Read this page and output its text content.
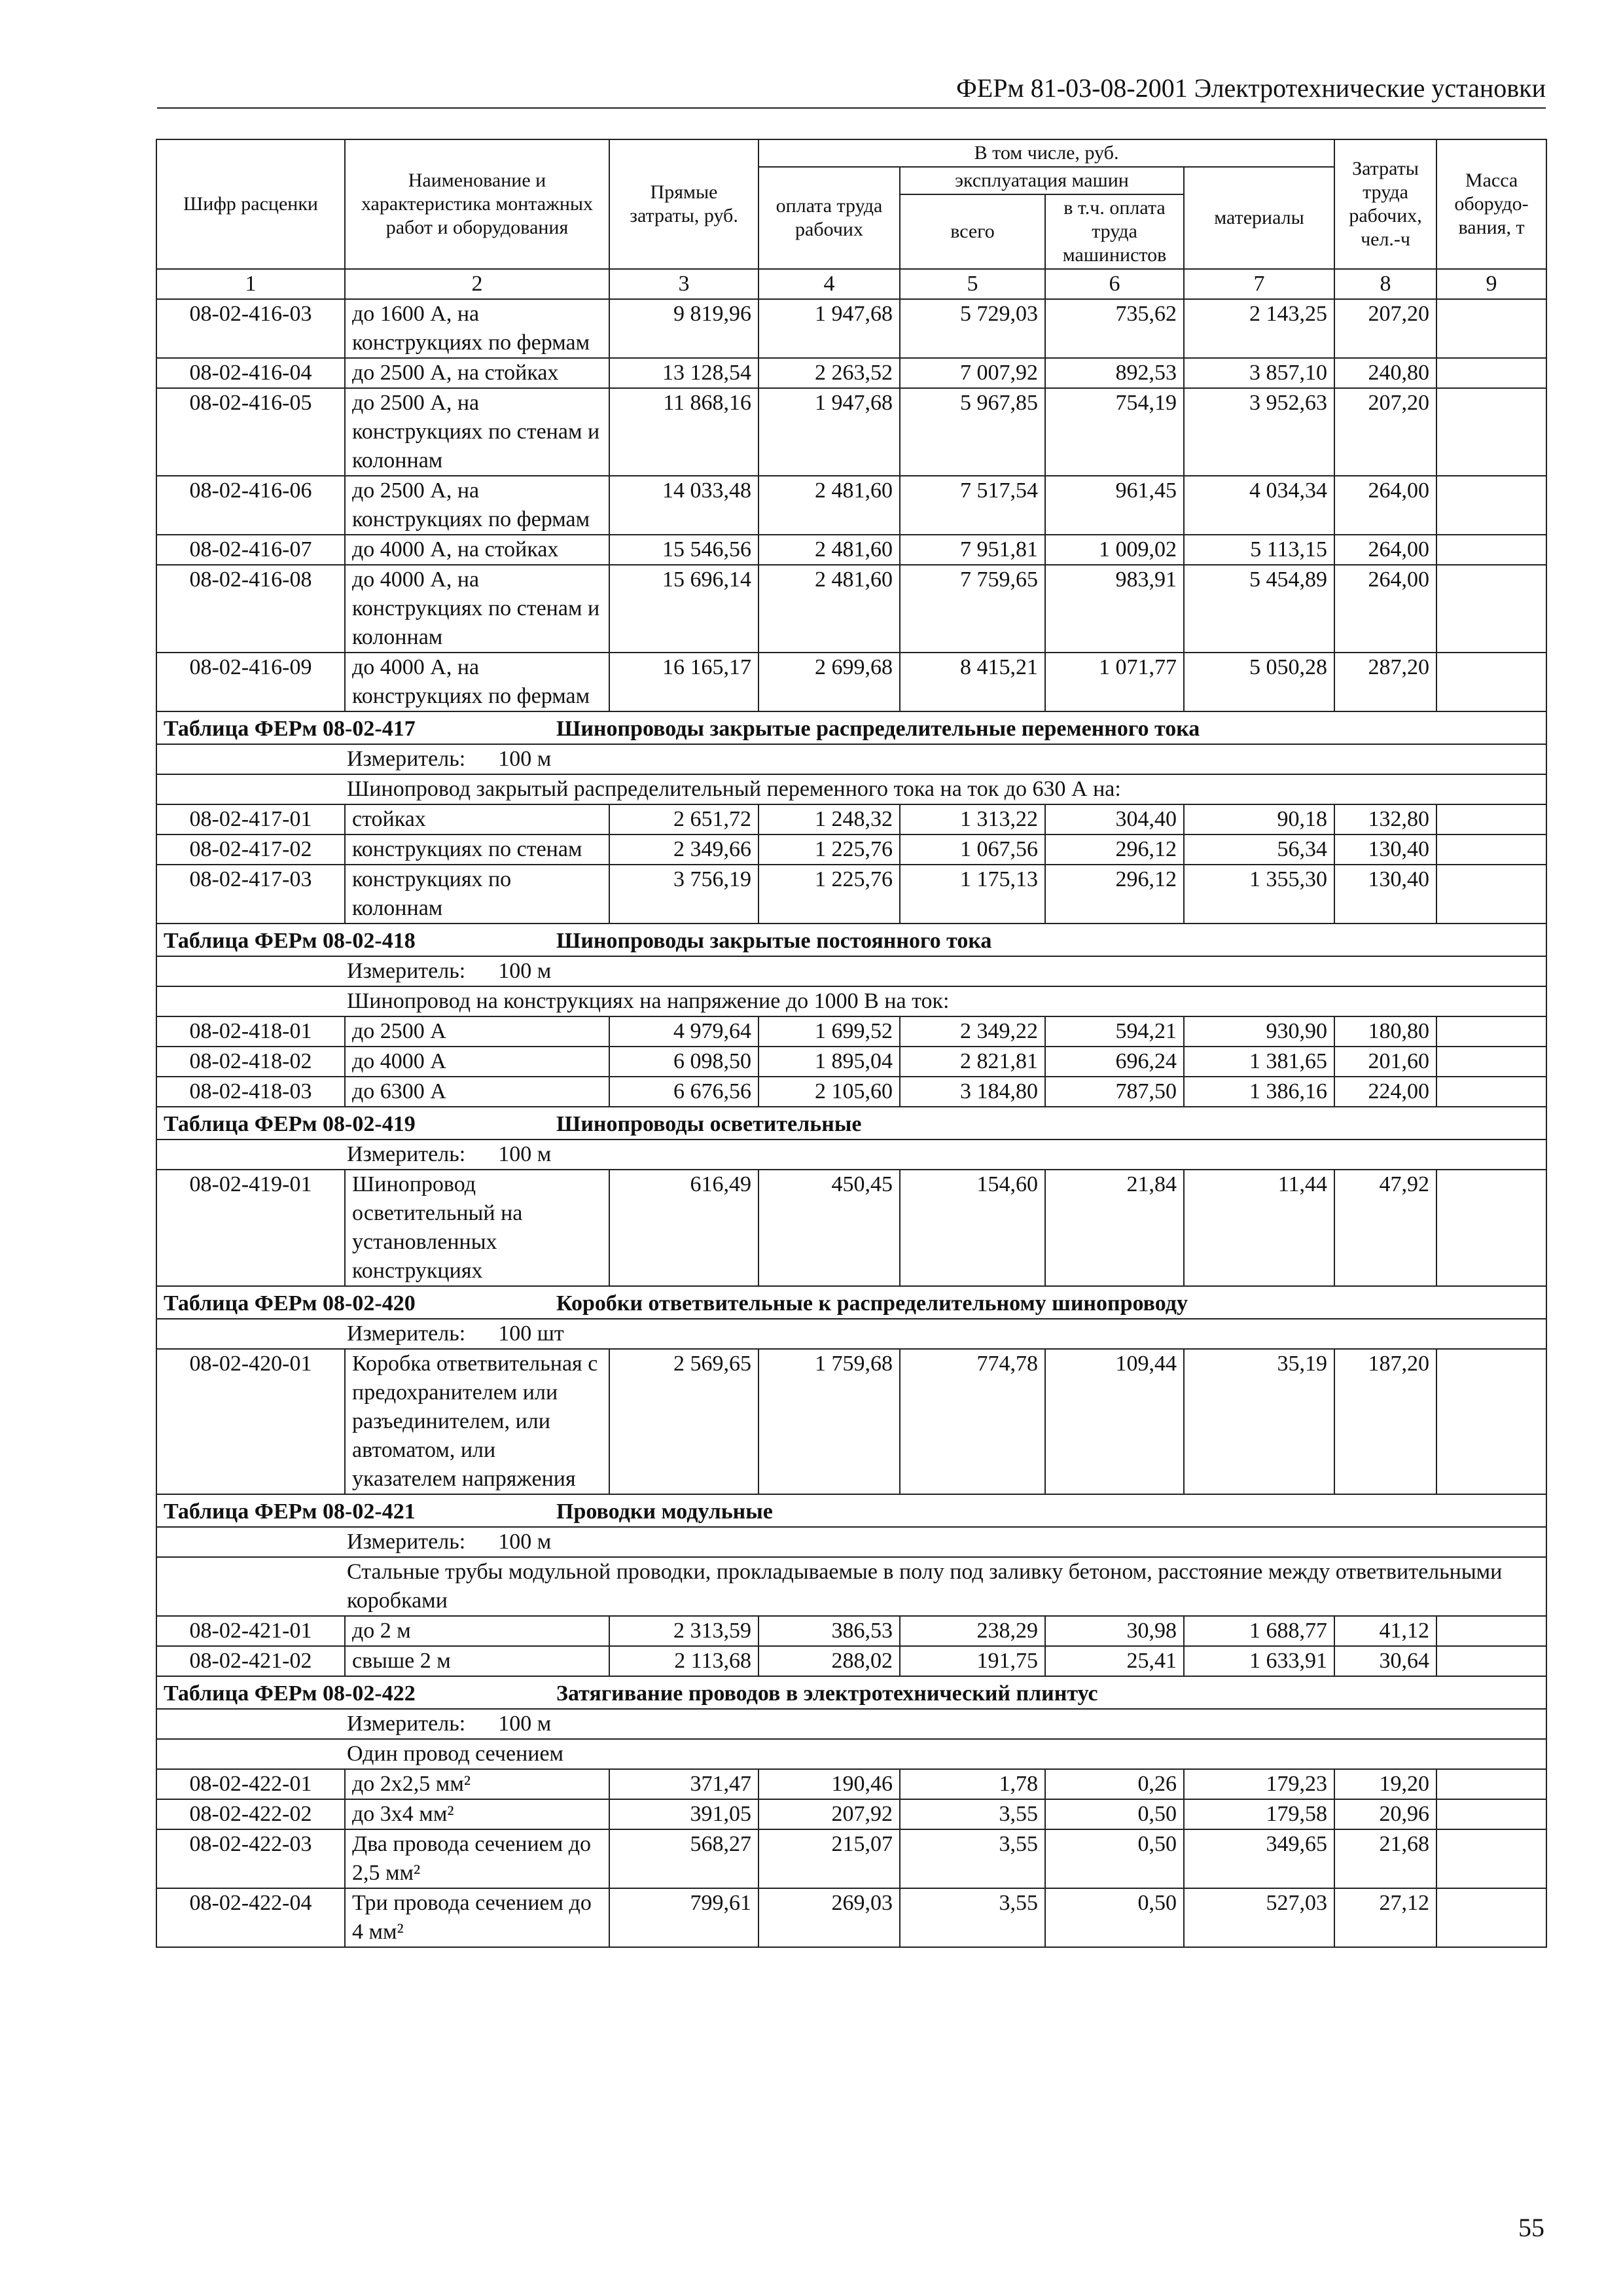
ФЕРм 81-03-08-2001 Электротехнические установки
Шифр расценки	Наименование и характеристика монтажных работ и оборудования	Прямые затраты, руб.	В том числе, руб.				Затраты труда рабочих, чел.-ч	Масса оборудо-вания, т
			оплата труда рабочих	эксплуатация машин		материалы		
				всего	в т.ч. оплата труда машинистов			
1	2	3	4	5	6	7	8	9
08-02-416-03	до 1600 А, на конструкциях по фермам	9 819,96	1 947,68	5 729,03	735,62	2 143,25	207,20	
08-02-416-04	до 2500 А, на стойках	13 128,54	2 263,52	7 007,92	892,53	3 857,10	240,80	
08-02-416-05	до 2500 А, на конструкциях по стенам и колоннам	11 868,16	1 947,68	5 967,85	754,19	3 952,63	207,20	
08-02-416-06	до 2500 А, на конструкциях по фермам	14 033,48	2 481,60	7 517,54	961,45	4 034,34	264,00	
08-02-416-07	до 4000 А, на стойках	15 546,56	2 481,60	7 951,81	1 009,02	5 113,15	264,00	
08-02-416-08	до 4000 А, на конструкциях по стенам и колоннам	15 696,14	2 481,60	7 759,65	983,91	5 454,89	264,00	
08-02-416-09	до 4000 А, на конструкциях по фермам	16 165,17	2 699,68	8 415,21	1 071,77	5 050,28	287,20	
Таблица ФЕРм 08-02-417 Шинопроводы закрытые распределительные переменного тока								
Измеритель: 100 м								
Шинопровод закрытый распределительный переменного тока на ток до 630 А на:								
08-02-417-01	стойках	2 651,72	1 248,32	1 313,22	304,40	90,18	132,80	
08-02-417-02	конструкциях по стенам	2 349,66	1 225,76	1 067,56	296,12	56,34	130,40	
08-02-417-03	конструкциях по колоннам	3 756,19	1 225,76	1 175,13	296,12	1 355,30	130,40	
Таблица ФЕРм 08-02-418 Шинопроводы закрытые постоянного тока								
Измеритель: 100 м								
Шинопровод на конструкциях на напряжение до 1000 В на ток:								
08-02-418-01	до 2500 А	4 979,64	1 699,52	2 349,22	594,21	930,90	180,80	
08-02-418-02	до 4000 А	6 098,50	1 895,04	2 821,81	696,24	1 381,65	201,60	
08-02-418-03	до 6300 А	6 676,56	2 105,60	3 184,80	787,50	1 386,16	224,00	
Таблица ФЕРм 08-02-419 Шинопроводы осветительные								
Измеритель: 100 м								
08-02-419-01	Шинопровод осветительный на установленных конструкциях	616,49	450,45	154,60	21,84	11,44	47,92	
Таблица ФЕРм 08-02-420 Коробки ответвительные к распределительному шинопроводу								
Измеритель: 100 шт								
08-02-420-01	Коробка ответвительная с предохранителем или разъединителем, или автоматом, или указателем напряжения	2 569,65	1 759,68	774,78	109,44	35,19	187,20	
Таблица ФЕРм 08-02-421 Проводки модульные								
Измеритель: 100 м								
Стальные трубы модульной проводки, прокладываемые в полу под заливку бетоном, расстояние между ответвительными коробками								
08-02-421-01	до 2 м	2 313,59	386,53	238,29	30,98	1 688,77	41,12	
08-02-421-02	свыше 2 м	2 113,68	288,02	191,75	25,41	1 633,91	30,64	
Таблица ФЕРм 08-02-422 Затягивание проводов в электротехнический плинтус								
Измеритель: 100 м								
Один провод сечением								
08-02-422-01	до 2х2,5 мм²	371,47	190,46	1,78	0,26	179,23	19,20	
08-02-422-02	до 3х4 мм²	391,05	207,92	3,55	0,50	179,58	20,96	
08-02-422-03	Два провода сечением до 2,5 мм²	568,27	215,07	3,55	0,50	349,65	21,68	
08-02-422-04	Три провода сечением до 4 мм²	799,61	269,03	3,55	0,50	527,03	27,12	
55
